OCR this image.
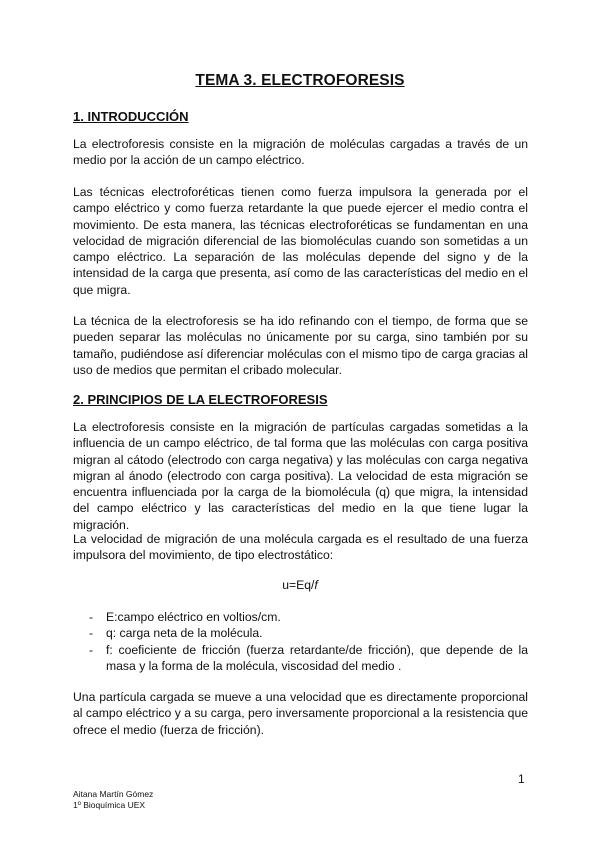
TEMA 3. ELECTROFORESIS
1. INTRODUCCIÓN

La electroforesis consiste en la migración de moléculas cargadas a través de un medio por la acción de un campo eléctrico.

Las técnicas electroforéticas tienen como fuerza impulsora la generada por el campo eléctrico y como fuerza retardante la que puede ejercer el medio contra el movimiento. De esta manera, las técnicas electroforéticas se fundamentan en una velocidad de migración diferencial de las biomoléculas cuando son sometidas a un campo eléctrico. La separación de las moléculas depende del signo y de la intensidad de la carga que presenta, así como de las características del medio en el que migra.

La técnica de la electroforesis se ha ido refinando con el tiempo, de forma que se pueden separar las moléculas no únicamente por su carga, sino también por su tamaño, pudiéndose así diferenciar moléculas con el mismo tipo de carga gracias al uso de medios que permitan el cribado molecular.

2. PRINCIPIOS DE LA ELECTROFORESIS

La electroforesis consiste en la migración de partículas cargadas sometidas a la influencia de un campo eléctrico, de tal forma que las moléculas con carga positiva migran al cátodo (electrodo con carga negativa) y las moléculas con carga negativa migran al ánodo (electrodo con carga positiva). La velocidad de esta migración se encuentra influenciada por la carga de la biomolécula (q) que migra, la intensidad del campo eléctrico y las características del medio en la que tiene lugar la migración.

La velocidad de migración de una molécula cargada es el resultado de una fuerza impulsora del movimiento, de tipo electrostático:

u=Eq/f
- E:campo eléctrico en voltios/cm.
- q: carga neta de la molécula.
- f: coeficiente de fricción (fuerza retardante/de fricción), que depende de la masa y la forma de la molécula, viscosidad del medio .

Una partícula cargada se mueve a una velocidad que es directamente proporcional al campo eléctrico y a su carga, pero inversamente proporcional a la resistencia que ofrece el medio (fuerza de fricción).

1
Aitana Martín Gómez
1º Bioquímica UEX
